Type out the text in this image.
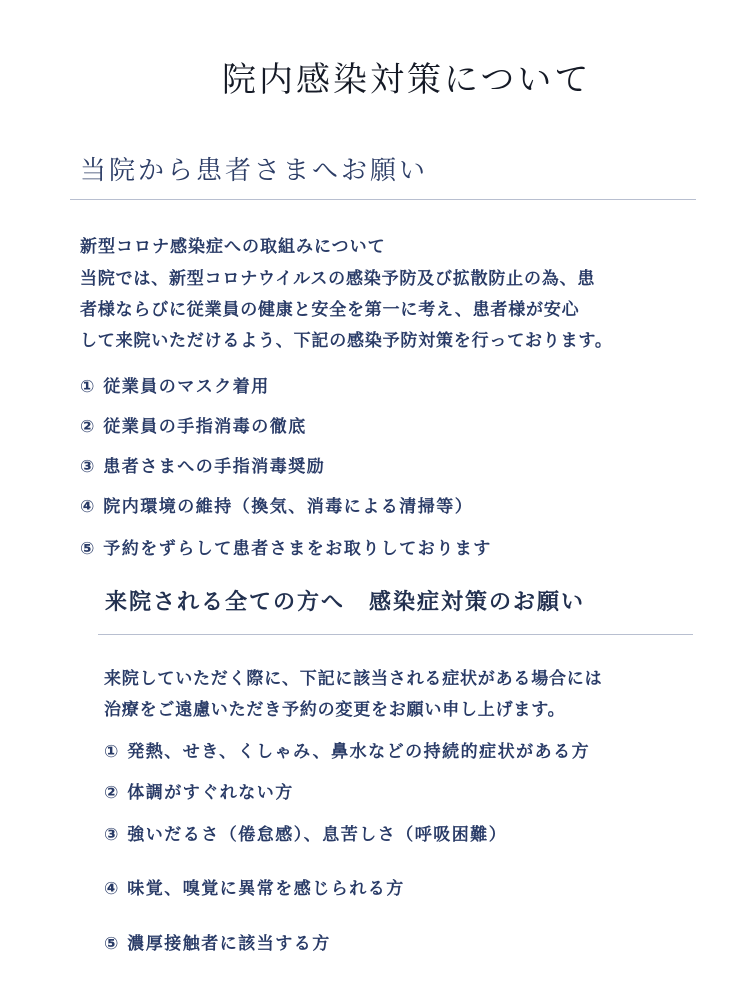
院内感染対策について
当院から患者さまへお願い
新型コロナ感染症への取組みについて
当院では、新型コロナウイルスの感染予防及び拡散防止の為、患
者様ならびに従業員の健康と安全を第一に考え、患者様が安心
して来院いただけるよう、下記の感染予防対策を行っております。
① 従業員のマスク着用
② 従業員の手指消毒の徹底
③ 患者さまへの手指消毒奨励
④ 院内環境の維持（換気、消毒による清掃等）
⑤ 予約をずらして患者さまをお取りしております
来院される全ての方へ　感染症対策のお願い
来院していただく際に、下記に該当される症状がある場合には
治療をご遠慮いただき予約の変更をお願い申し上げます。
① 発熱、せき、くしゃみ、鼻水などの持続的症状がある方
② 体調がすぐれない方
③ 強いだるさ（倦怠感）、息苦しさ（呼吸困難）
④ 味覚、嗅覚に異常を感じられる方
⑤ 濃厚接触者に該当する方
